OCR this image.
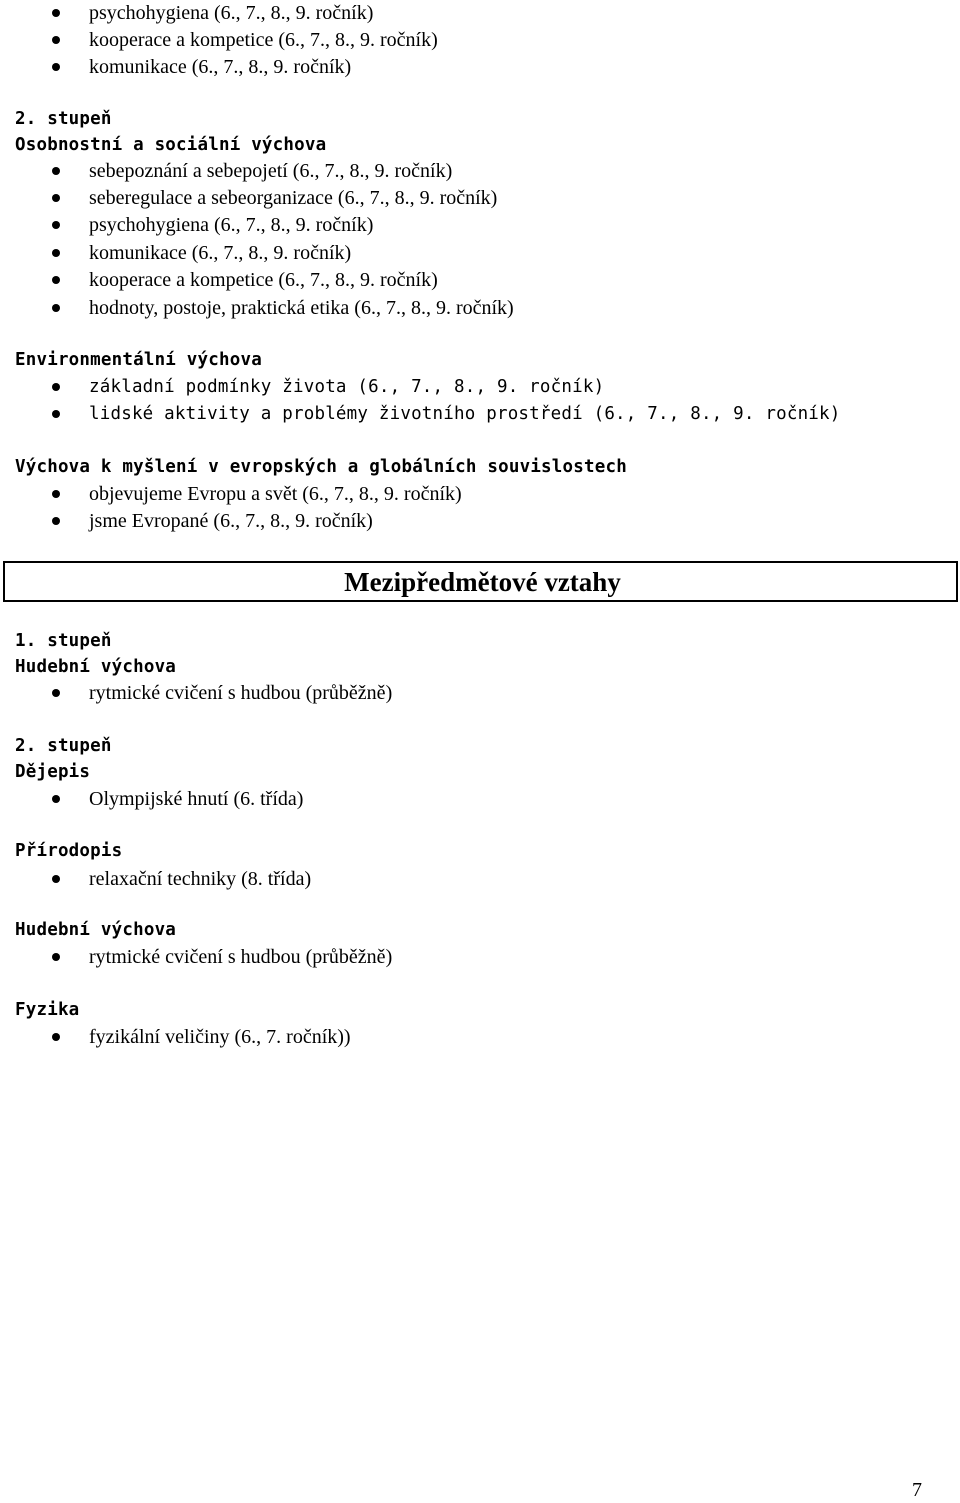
psychohygiena (6., 7., 8., 9. ročník)
kooperace a kompetice (6., 7., 8., 9. ročník)
komunikace (6., 7., 8., 9. ročník)
2. stupeň
Osobnostní a sociální výchova
sebepoznání a sebepojetí (6., 7., 8., 9. ročník)
seberegulace a sebeorganizace (6., 7., 8., 9. ročník)
psychohygiena (6., 7., 8., 9. ročník)
komunikace (6., 7., 8., 9. ročník)
kooperace a kompetice (6., 7., 8., 9. ročník)
hodnoty, postoje, praktická etika (6., 7., 8., 9. ročník)
Environmentální výchova
základní podmínky života (6., 7., 8., 9. ročník)
lidské aktivity a problémy životního prostředí (6., 7., 8., 9. ročník)
Výchova k myšlení v evropských a globálních souvislostech
objevujeme Evropu a svět (6., 7., 8., 9. ročník)
jsme Evropané (6., 7., 8., 9. ročník)
Mezipředmětové vztahy
1. stupeň
Hudební výchova
rytmické cvičení s hudbou (průběžně)
2. stupeň
Dějepis
Olympijské hnutí (6. třída)
Přírodopis
relaxační techniky (8. třída)
Hudební výchova
rytmické cvičení s hudbou (průběžně)
Fyzika
fyzikální veličiny (6., 7. ročník))
7
